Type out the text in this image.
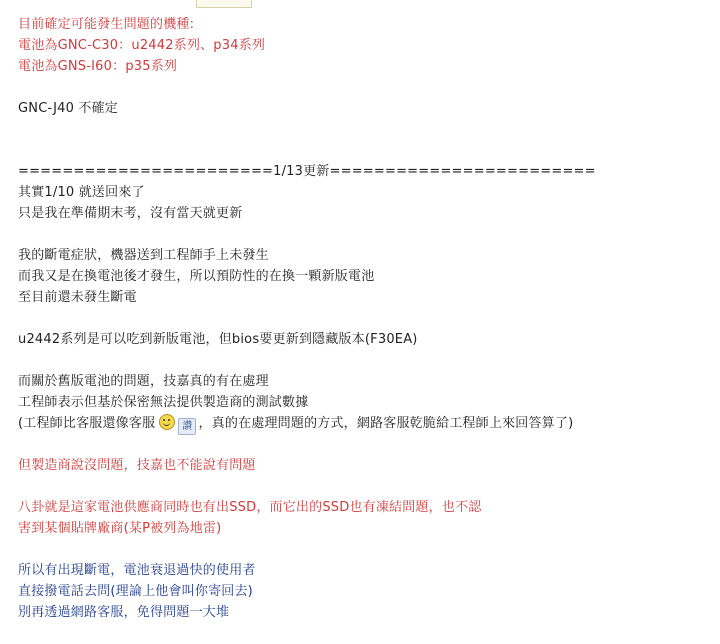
目前確定可能發生問題的機種:
電池為GNC-C30：u2442系列、p34系列
電池為GNS-I60：p35系列
GNC-J40 不確定
=======================1/13更新========================
其實1/10 就送回來了
只是我在準備期末考，沒有當天就更新
我的斷電症狀，機器送到工程師手上未發生
而我又是在換電池後才發生，所以預防性的在換一顆新版電池
至目前還未發生斷電
u2442系列是可以吃到新版電池，但bios要更新到隱藏版本(F30EA)
而關於舊版電池的問題，技嘉真的有在處理
工程師表示但基於保密無法提供製造商的測試數據
(工程師比客服還像客服	讚 ，真的在處理問題的方式，網路客服乾脆給工程師上來回答算了)
但製造商說沒問題，技嘉也不能說有問題
八卦就是這家電池供應商同時也有出SSD，而它出的SSD也有凍結問題，也不認
害到某個貼牌廠商(某P被列為地雷)
所以有出現斷電，電池衰退過快的使用者
直接撥電話去問(理論上他會叫你寄回去)
別再透過網路客服，免得問題一大堆
